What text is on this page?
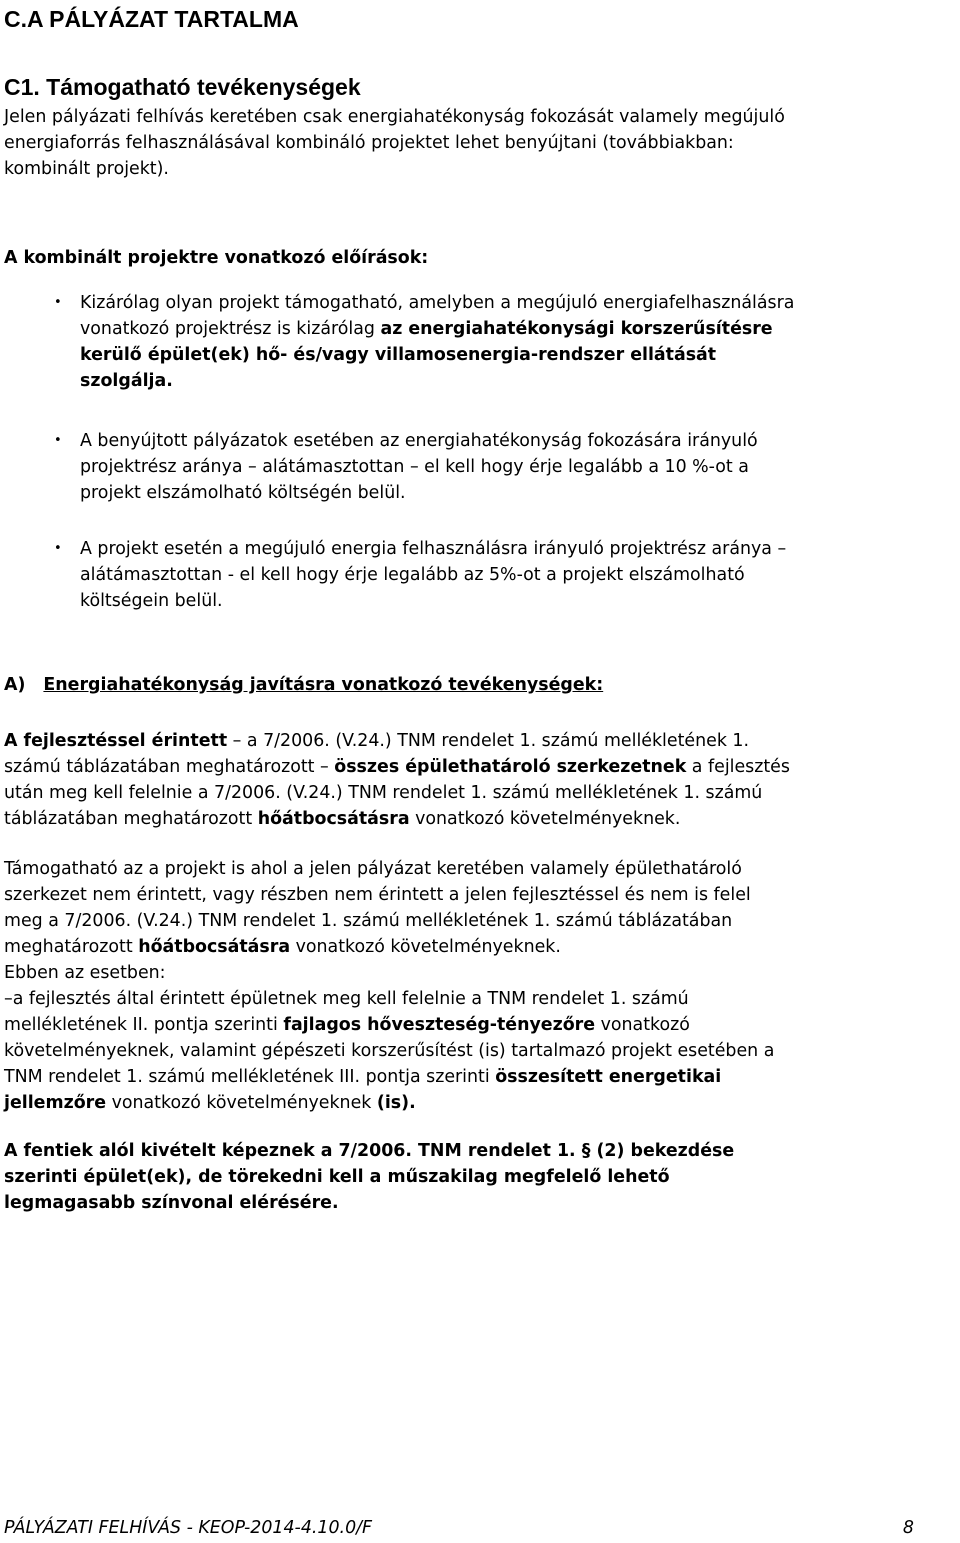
C.A PÁLYÁZAT TARTALMA
C1. Támogatható tevékenységek
Jelen pályázati felhívás keretében csak energiahatékonyság fokozását valamely megújuló
energiaforrás felhasználásával kombináló projektet lehet benyújtani (továbbiakban:
kombinált projekt).
A kombinált projektre vonatkozó előírások:
• Kizárólag olyan projekt támogatható, amelyben a megújuló energiafelhasználásra
vonatkozó projektrész is kizárólag az energiahatékonysági korszerűsítésre
kerülő épület(ek) hő- és/vagy villamosenergia-rendszer ellátását
szolgálja.
• A benyújtott pályázatok esetében az energiahatékonyság fokozására irányuló
projektrész aránya – alátámasztottan – el kell hogy érje legalább a 10 %-ot a
projekt elszámolható költségén belül.
• A projekt esetén a megújuló energia felhasználásra irányuló projektrész aránya –
alátámasztottan - el kell hogy érje legalább az 5%-ot a projekt elszámolható
költségein belül.
A) Energiahatékonyság javításra vonatkozó tevékenységek:
A fejlesztéssel érintett – a 7/2006. (V.24.) TNM rendelet 1. számú mellékletének 1.
számú táblázatában meghatározott – összes épülethatároló szerkezetnek a fejlesztés
után meg kell felelnie a 7/2006. (V.24.) TNM rendelet 1. számú mellékletének 1. számú
táblázatában meghatározott hőátbocsátásra vonatkozó követelményeknek.
Támogatható az a projekt is ahol a jelen pályázat keretében valamely épülethatároló
szerkezet nem érintett, vagy részben nem érintett a jelen fejlesztéssel és nem is felel
meg a 7/2006. (V.24.) TNM rendelet 1. számú mellékletének 1. számú táblázatában
meghatározott hőátbocsátásra vonatkozó követelményeknek.
Ebben az esetben:
–a fejlesztés által érintett épületnek meg kell felelnie a TNM rendelet 1. számú
mellékletének II. pontja szerinti fajlagos hőveszteség-tényezőre vonatkozó
követelményeknek, valamint gépészeti korszerűsítést (is) tartalmazó projekt esetében a
TNM rendelet 1. számú mellékletének III. pontja szerinti összesített energetikai
jellemzőre vonatkozó követelményeknek (is).
A fentiek alól kivételt képeznek a 7/2006. TNM rendelet 1. § (2) bekezdése
szerinti épület(ek), de törekedni kell a műszakilag megfelelő lehető
legmagasabb színvonal elérésére.
PÁLYÁZATI FELHÍVÁS - KEOP-2014-4.10.0/F	8
